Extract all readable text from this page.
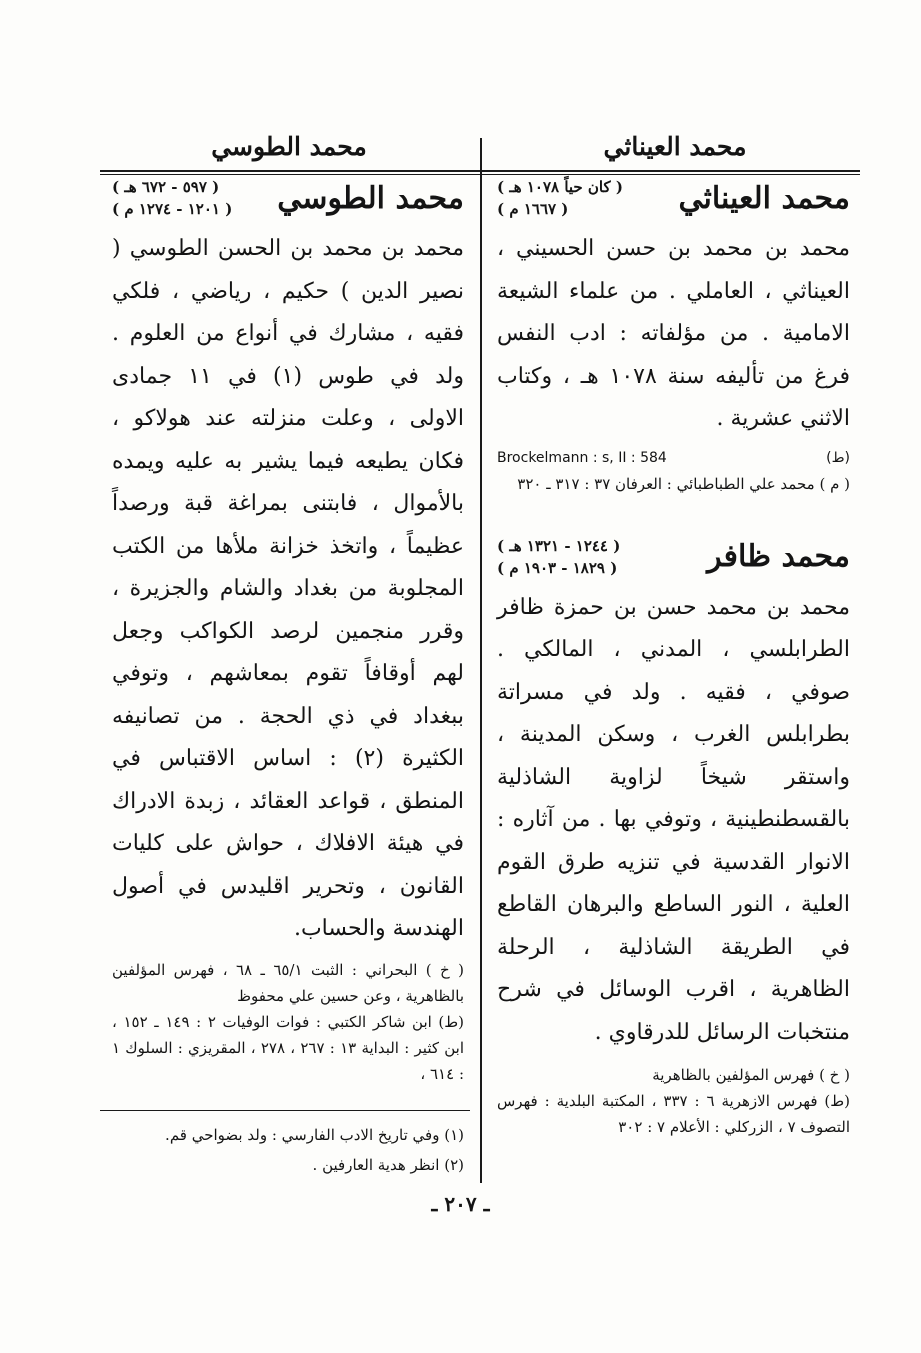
محمد العيناثي
محمد الطوسي
محمد العيناثي
( كان حياً ١٠٧٨ هـ )
( ١٦٦٧ م )
محمد بن محمد بن حسن الحسيني ، العيناثي ، العاملي . من علماء الشيعة الامامية . من مؤلفاته : ادب النفس فرغ من تأليفه سنة ١٠٧٨ هـ ، وكتاب الاثني عشرية .
Brockelmann : s, II : 584	(ط)
( م ) محمد علي الطباطبائي : العرفان ٣٧ : ٣١٧ ـ ٣٢٠
محمد ظافر
( ١٢٤٤ - ١٣٢١ هـ )
( ١٨٢٩ - ١٩٠٣ م )
محمد بن محمد حسن بن حمزة ظافر الطرابلسي ، المدني ، المالكي . صوفي ، فقيه . ولد في مسراتة بطرابلس الغرب ، وسكن المدينة ، واستقر شيخاً لزاوية الشاذلية بالقسطنطينية ، وتوفي بها . من آثاره : الانوار القدسية في تنزيه طرق القوم العلية ، النور الساطع والبرهان القاطع في الطريقة الشاذلية ، الرحلة الظاهرية ، اقرب الوسائل في شرح منتخبات الرسائل للدرقاوي .
( خ ) فهرس المؤلفين بالظاهرية
(ط) فهرس الازهرية ٦ : ٣٣٧ ، المكتبة البلدية : فهرس التصوف ٧ ، الزركلي : الأعلام ٧ : ٣٠٢
محمد الطوسي
( ٥٩٧ - ٦٧٢ هـ )
( ١٢٠١ - ١٢٧٤ م )
محمد بن محمد بن الحسن الطوسي ( نصير الدين ) حكيم ، رياضي ، فلكي فقيه ، مشارك في أنواع من العلوم . ولد في طوس (١) في ١١ جمادى الاولى ، وعلت منزلته عند هولاكو ، فكان يطيعه فيما يشير به عليه ويمده بالأموال ، فابتنى بمراغة قبة ورصداً عظيماً ، واتخذ خزانة ملأها من الكتب المجلوبة من بغداد والشام والجزيرة ، وقرر منجمين لرصد الكواكب وجعل لهم أوقافاً تقوم بمعاشهم ، وتوفي ببغداد في ذي الحجة . من تصانيفه الكثيرة (٢) : اساس الاقتباس في المنطق ، قواعد العقائد ، زبدة الادراك في هيئة الافلاك ، حواش على كليات القانون ، وتحرير اقليدس في أصول الهندسة والحساب.
( خ ) البحراني : الثبت ٦٥/١ ـ ٦٨ ، فهرس المؤلفين بالظاهرية ، وعن حسين علي محفوظ
(ط) ابن شاكر الكتبي : فوات الوفيات ٢ : ١٤٩ ـ ١٥٢ ، ابن كثير : البداية ١٣ : ٢٦٧ ، ٢٧٨ ، المقريزي : السلوك ١ : ٦١٤ ،
(١) وفي تاريخ الادب الفارسي : ولد بضواحي قم.
(٢) انظر هدية العارفين .
ـ ٢٠٧ ـ
